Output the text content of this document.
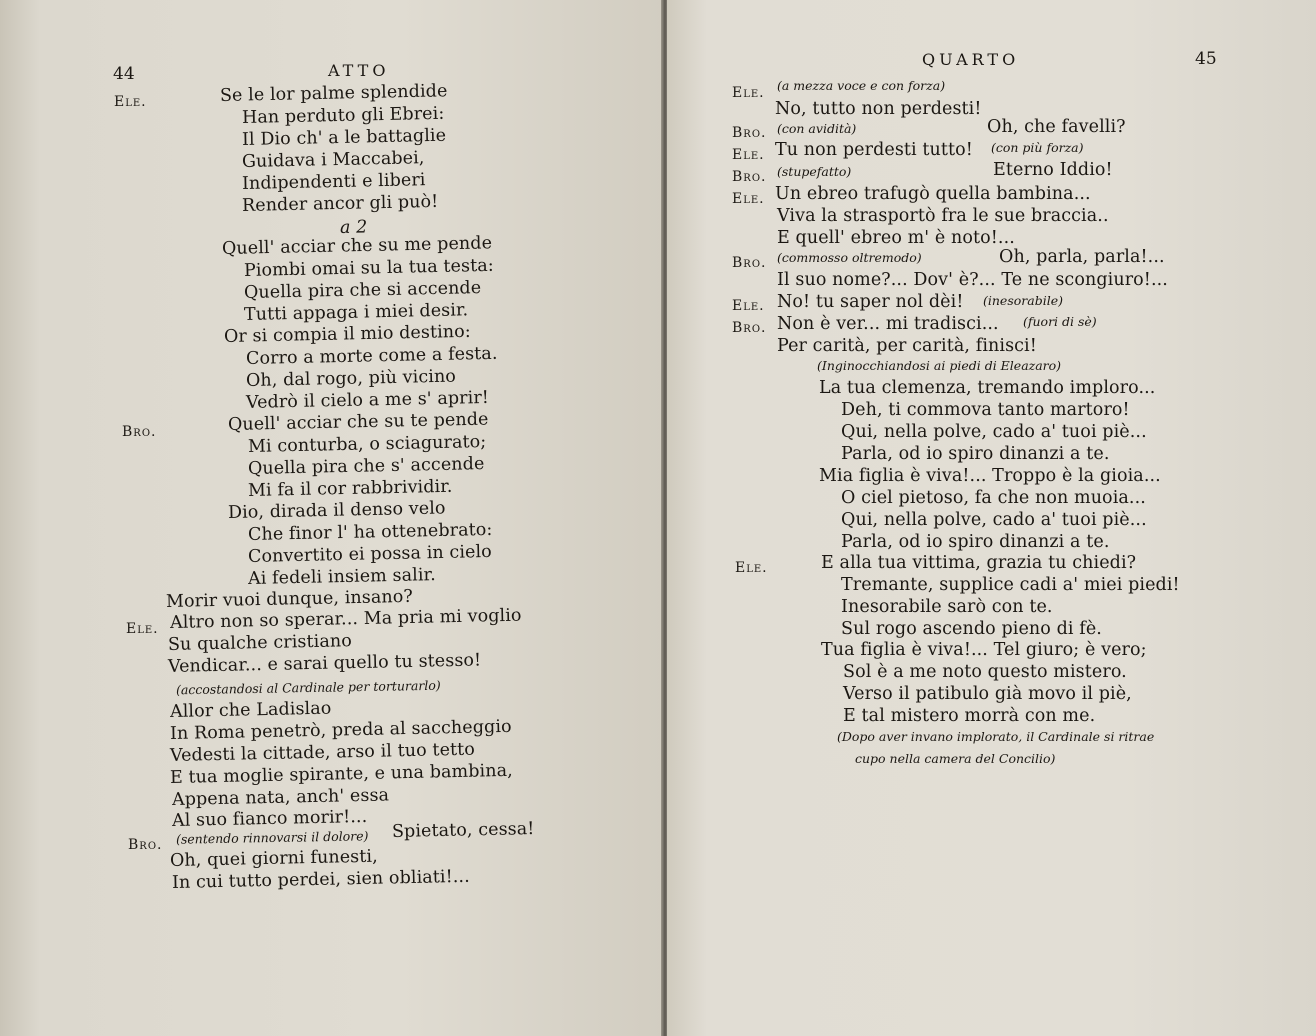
44	ATTO
Ele.	Se le lor palme splendide
Han perduto gli Ebrei:
Il Dio ch' a le battaglie
Guidava i Maccabei,
Indipendenti e liberi
Render ancor gli può!
a 2
Quell' acciar che su me pende
Piombi omai su la tua testa:
Quella pira che si accende
Tutti appaga i miei desir.
Or si compia il mio destino:
Corro a morte come a festa.
Oh, dal rogo, più vicino
Vedrò il cielo a me s' aprir!
Bro.	Quell' acciar che su te pende
Mi conturba, o sciagurato;
Quella pira che s' accende
Mi fa il cor rabbrividir.
Dio, dirada il denso velo
Che finor l' ha ottenebrato:
Convertito ei possa in cielo
Ai fedeli insiem salir.
Morir vuoi dunque, insano?
Ele. Altro non so sperar... Ma pria mi voglio
Su qualche cristiano
Vendicar... e sarai quello tu stesso!
(accostandosi al Cardinale per torturarlo)
Allor che Ladislao
In Roma penetrò, preda al saccheggio
Vedesti la cittade, arso il tuo tetto
E tua moglie spirante, e una bambina,
Appena nata, anch' essa
Al suo fianco morir!...
Bro. (sentendo rinnovarsi il dolore) Spietato, cessa!
Oh, quei giorni funesti,
In cui tutto perdei, sien obliati!...
QUARTO	45
Ele. (a mezza voce e con forza)
No, tutto non perdesti!
Bro. (con avidità)	Oh, che favelli?
Ele. Tu non perdesti tutto! (con più forza)
Bro. (stupefatto)	Eterno Iddio!
Ele. Un ebreo trafugò quella bambina...
Viva la strasportò fra le sue braccia..
E quell' ebreo m' è noto!...
Bro. (commosso oltremodo)	Oh, parla, parla!...
Il suo nome?... Dov' è?... Te ne scongiuro!...
Ele. No! tu saper nol dèi! (inesorabile)
Bro. Non è ver... mi tradisci... (fuori di sè)
Per carità, per carità, finisci!
(Inginocchiandosi ai piedi di Eleazaro)
La tua clemenza, tremando imploro...
Deh, ti commova tanto martoro!
Qui, nella polve, cado a' tuoi piè...
Parla, od io spiro dinanzi a te.
Mia figlia è viva!... Troppo è la gioia...
O ciel pietoso, fa che non muoia...
Qui, nella polve, cado a' tuoi piè...
Parla, od io spiro dinanzi a te.
Ele.	E alla tua vittima, grazia tu chiedi?
Tremante, supplice cadi a' miei piedi!
Inesorabile sarò con te.
Sul rogo ascendo pieno di fè.
Tua figlia è viva!... Tel giuro; è vero;
Sol è a me noto questo mistero.
Verso il patibulo già movo il piè,
E tal mistero morrà con me.
(Dopo aver invano implorato, il Cardinale si ritrae
cupo nella camera del Concilio)
